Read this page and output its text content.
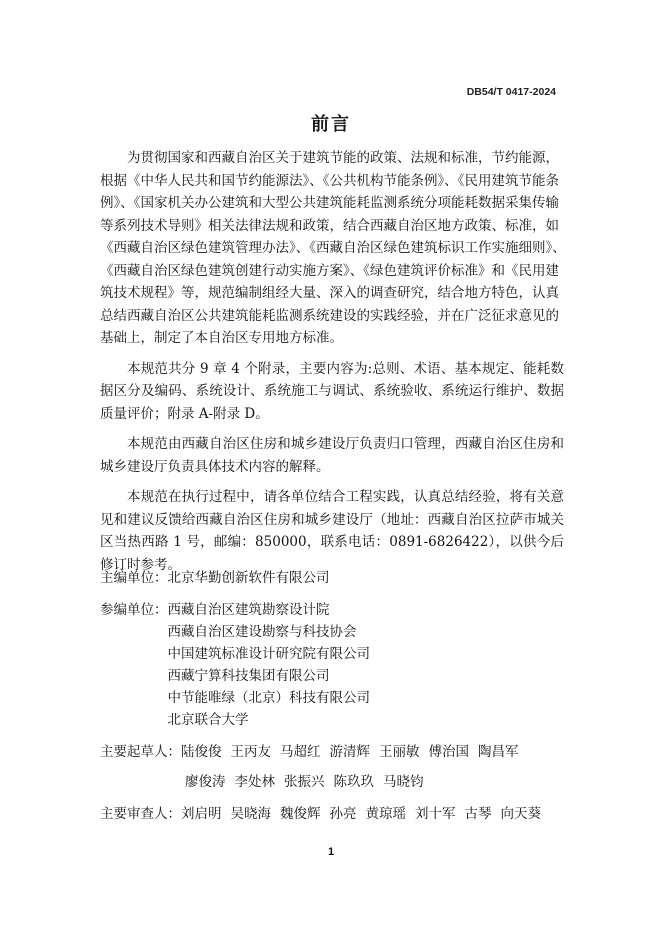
DB54/T 0417-2024
前言
为贯彻国家和西藏自治区关于建筑节能的政策、法规和标准，节约能源，
根据《中华人民共和国节约能源法》、《公共机构节能条例》、《民用建筑节能条
例》、《国家机关办公建筑和大型公共建筑能耗监测系统分项能耗数据采集传输
等系列技术导则》相关法律法规和政策，结合西藏自治区地方政策、标准，如
《西藏自治区绿色建筑管理办法》、《西藏自治区绿色建筑标识工作实施细则》、
《西藏自治区绿色建筑创建行动实施方案》、《绿色建筑评价标准》和《民用建
筑技术规程》等，规范编制组经大量、深入的调查研究，结合地方特色，认真
总结西藏自治区公共建筑能耗监测系统建设的实践经验，并在广泛征求意见的
基础上，制定了本自治区专用地方标准。

本规范共分 9 章 4 个附录，主要内容为:总则、术语、基本规定、能耗数据区分及编码、系统设计、系统施工与调试、系统验收、系统运行维护、数据质量评价；附录 A-附录 D。

本规范由西藏自治区住房和城乡建设厅负责归口管理，西藏自治区住房和城乡建设厅负责具体技术内容的解释。

本规范在执行过程中，请各单位结合工程实践，认真总结经验，将有关意见和建议反馈给西藏自治区住房和城乡建设厅（地址：西藏自治区拉萨市城关区当热西路 1 号，邮编：850000，联系电话：0891-6826422），以供今后修订时参考。

主编单位： 北京华勤创新软件有限公司
参编单位： 西藏自治区建筑勘察设计院
西藏自治区建设勘察与科技协会
中国建筑标准设计研究院有限公司
西藏宁算科技集团有限公司
中节能唯绿（北京）科技有限公司
北京联合大学
主要起草人： 陆俊俊 王丙友 马超红 游清辉 王丽敏 傅治国 陶昌军
廖俊涛 李处林 张振兴 陈玖玖 马晓钧
主要审查人： 刘启明 吴晓海 魏俊辉 孙亮 黄琼瑶 刘十军 古琴 向天葵
1
